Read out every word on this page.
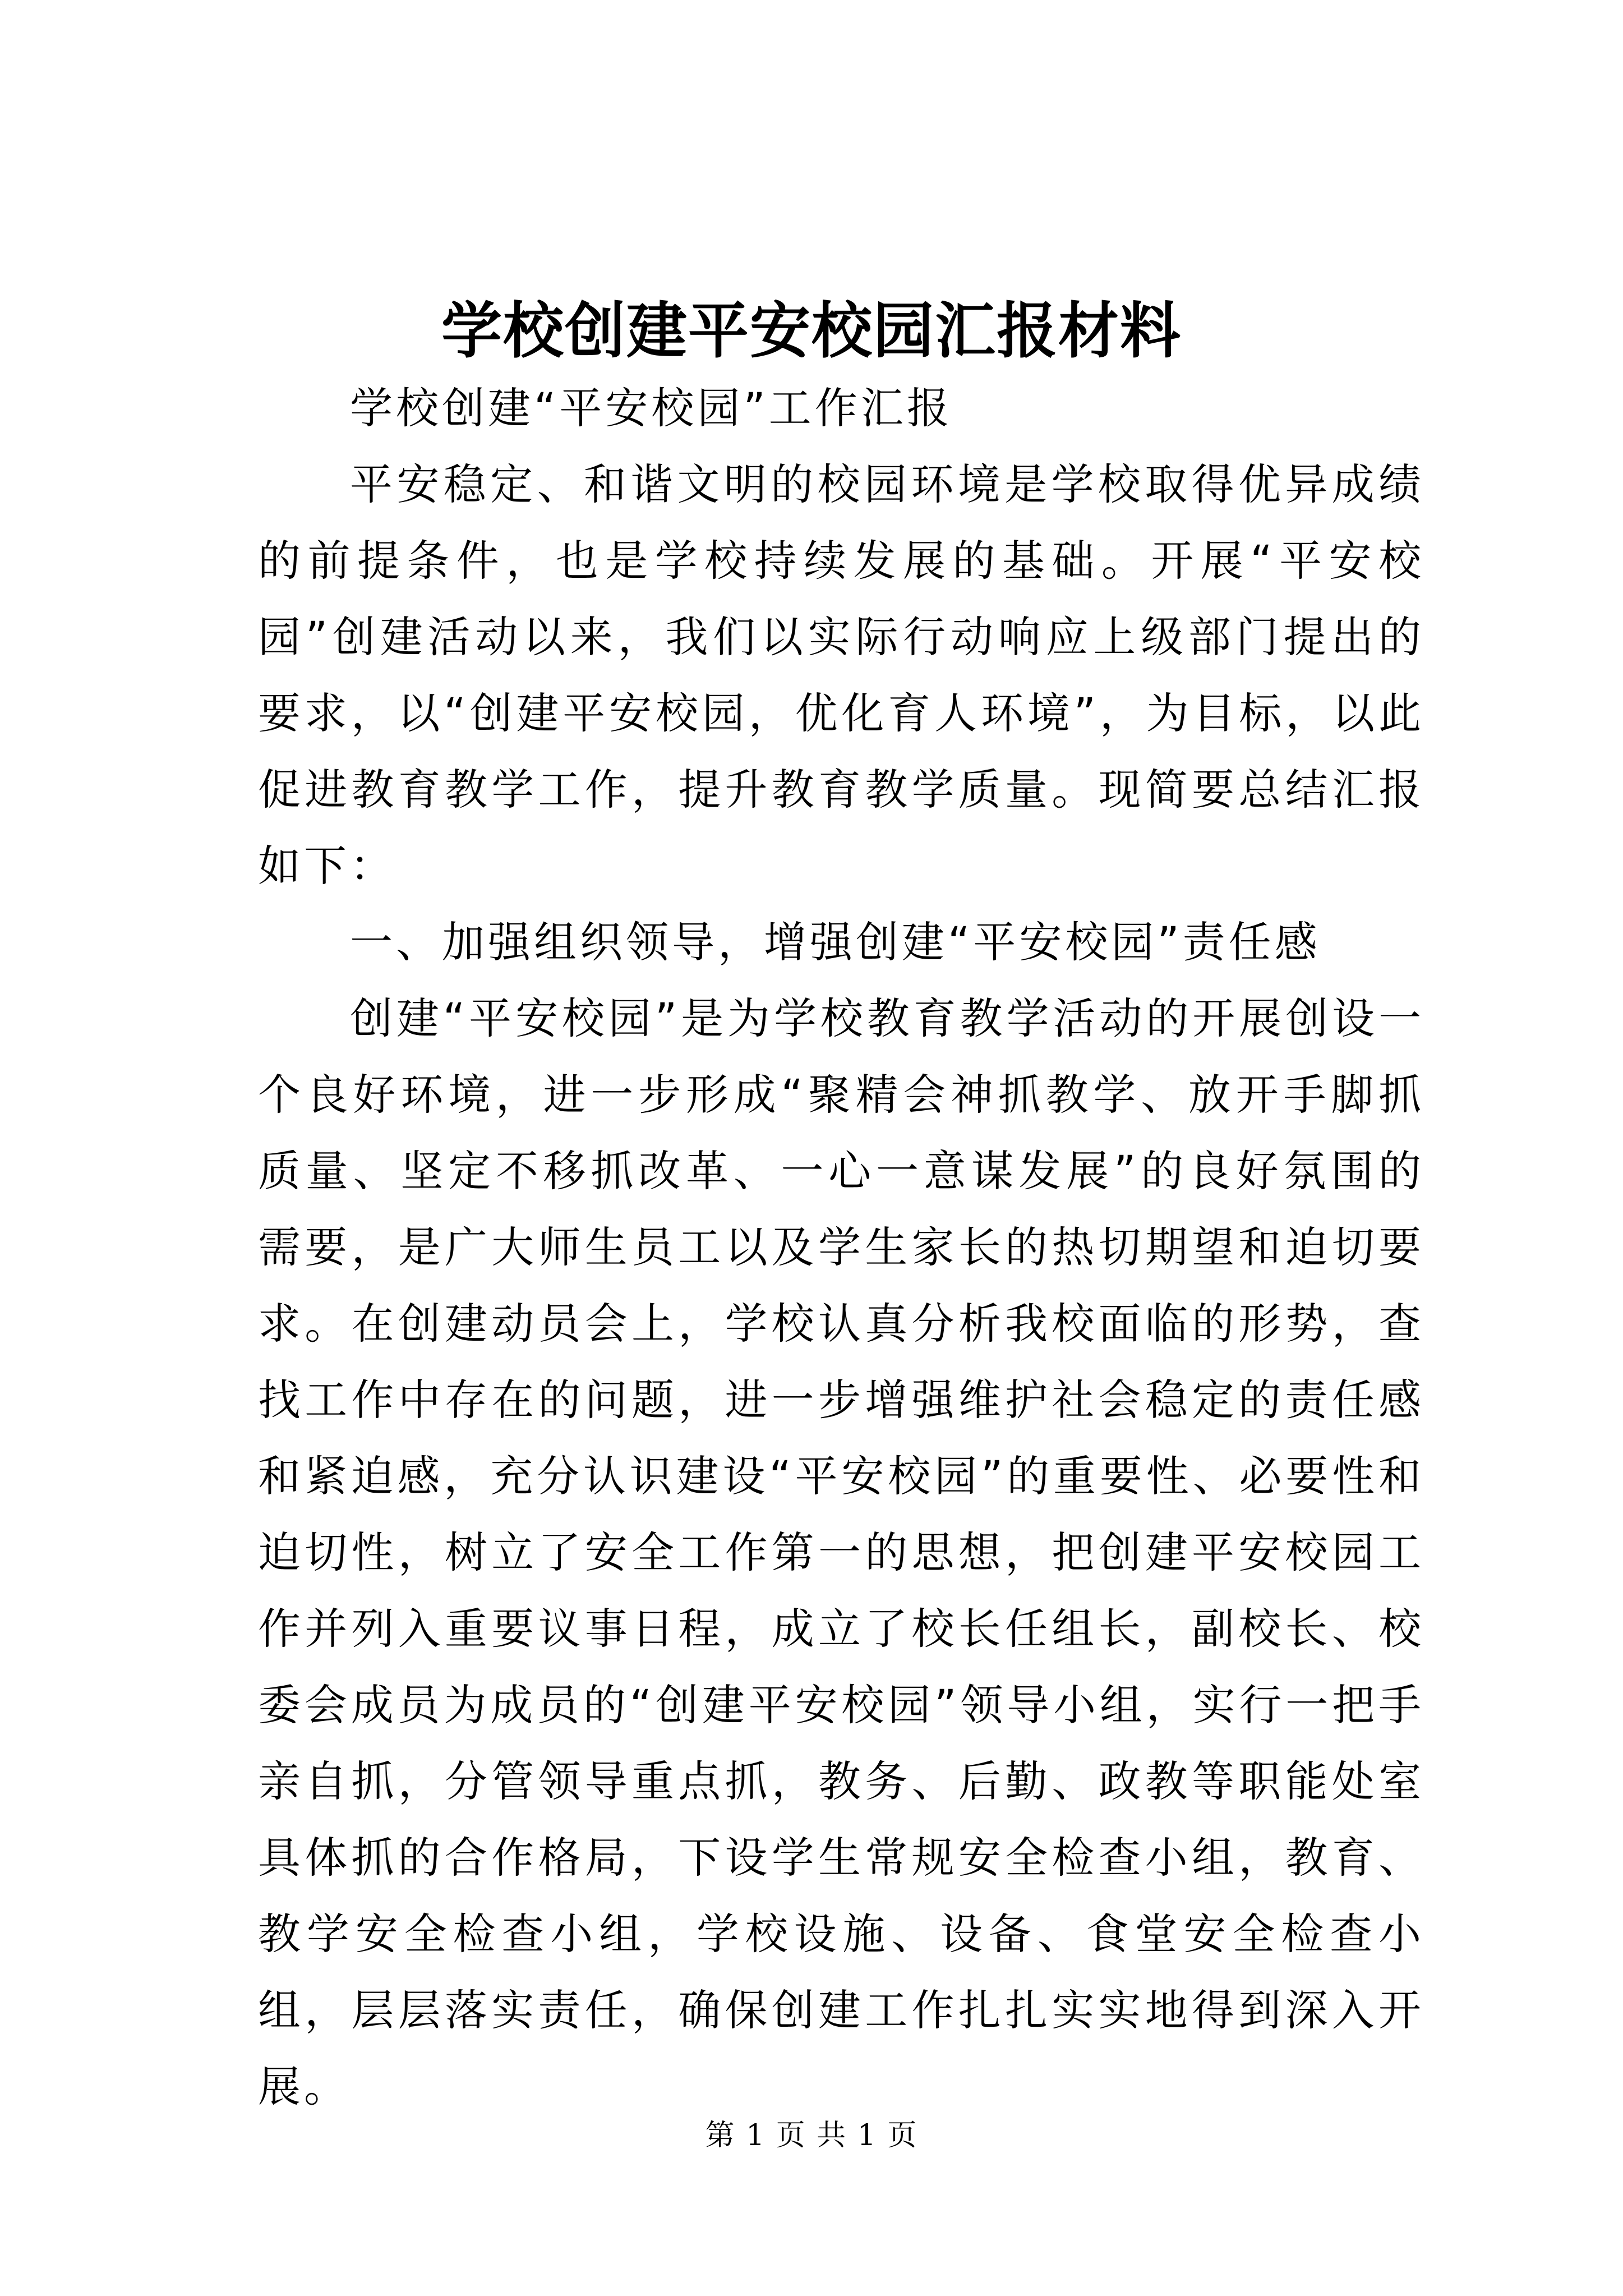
学校创建平安校园汇报材料

学校创建“平安校园”工作汇报

平安稳定、和谐文明的校园环境是学校取得优异成绩的前提条件，也是学校持续发展的基础。开展“平安校园”创建活动以来，我们以实际行动响应上级部门提出的要求，以“创建平安校园，优化育人环境”，为目标，以此促进教育教学工作，提升教育教学质量。现简要总结汇报如下：

一、加强组织领导，增强创建“平安校园”责任感

创建“平安校园”是为学校教育教学活动的开展创设一个良好环境，进一步形成“聚精会神抓教学、放开手脚抓质量、坚定不移抓改革、一心一意谋发展”的良好氛围的需要，是广大师生员工以及学生家长的热切期望和迫切要求。在创建动员会上，学校认真分析我校面临的形势，查找工作中存在的问题，进一步增强维护社会稳定的责任感和紧迫感，充分认识建设“平安校园”的重要性、必要性和迫切性，树立了安全工作第一的思想，把创建平安校园工作并列入重要议事日程，成立了校长任组长，副校长、校委会成员为成员的“创建平安校园”领导小组，实行一把手亲自抓，分管领导重点抓，教务、后勤、政教等职能处室具体抓的合作格局，下设学生常规安全检查小组，教育、教学安全检查小组，学校设施、设备、食堂安全检查小组，层层落实责任，确保创建工作扎扎实实地得到深入开展。

第 1 页 共 1 页
